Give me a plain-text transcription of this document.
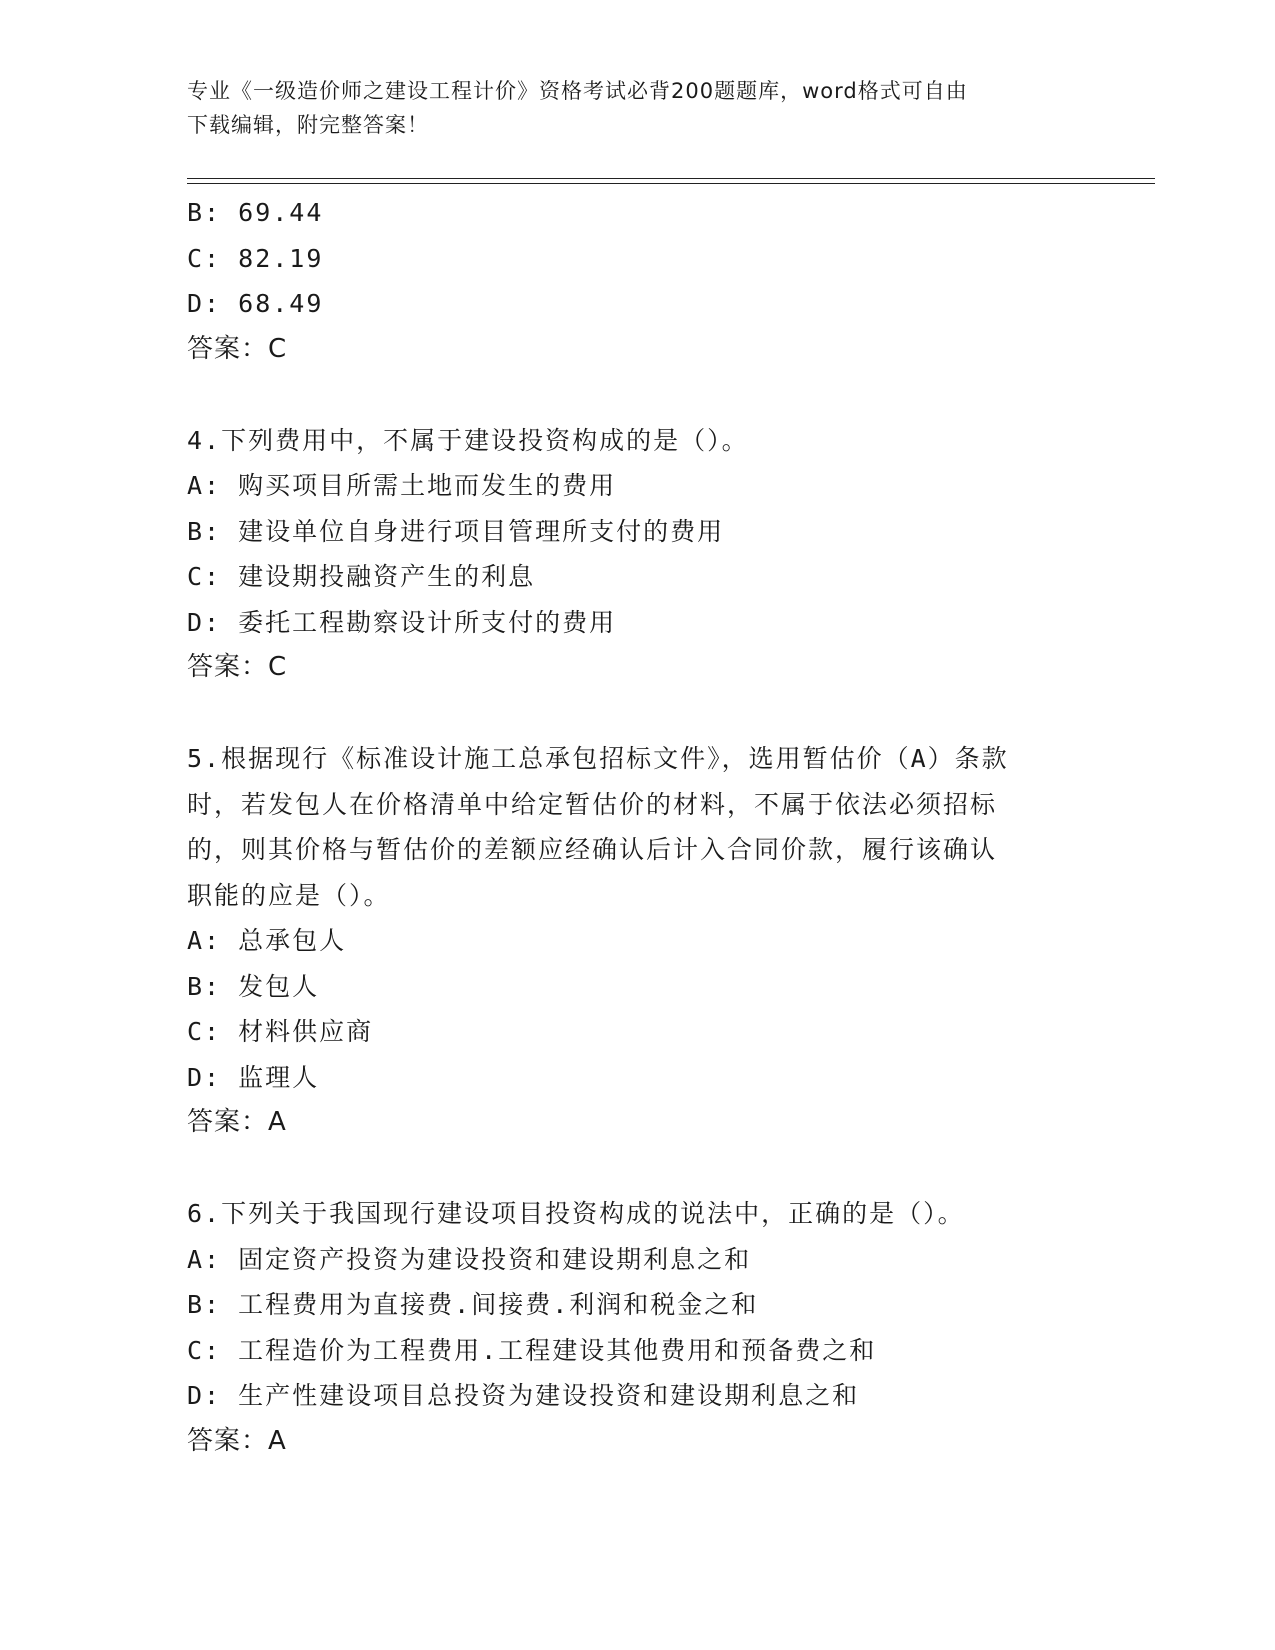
专业《一级造价师之建设工程计价》资格考试必背200题题库，word格式可自由
下载编辑，附完整答案！
B: 69.44
C: 82.19
D: 68.49
答案：C
4.下列费用中，不属于建设投资构成的是（）。
A: 购买项目所需土地而发生的费用
B: 建设单位自身进行项目管理所支付的费用
C: 建设期投融资产生的利息
D: 委托工程勘察设计所支付的费用
答案：C
5.根据现行《标准设计施工总承包招标文件》，选用暂估价（A）条款
时，若发包人在价格清单中给定暂估价的材料，不属于依法必须招标
的，则其价格与暂估价的差额应经确认后计入合同价款，履行该确认
职能的应是（）。
A: 总承包人
B: 发包人
C: 材料供应商
D: 监理人
答案：A
6.下列关于我国现行建设项目投资构成的说法中，正确的是（）。
A: 固定资产投资为建设投资和建设期利息之和
B: 工程费用为直接费.间接费.利润和税金之和
C: 工程造价为工程费用.工程建设其他费用和预备费之和
D: 生产性建设项目总投资为建设投资和建设期利息之和
答案：A
